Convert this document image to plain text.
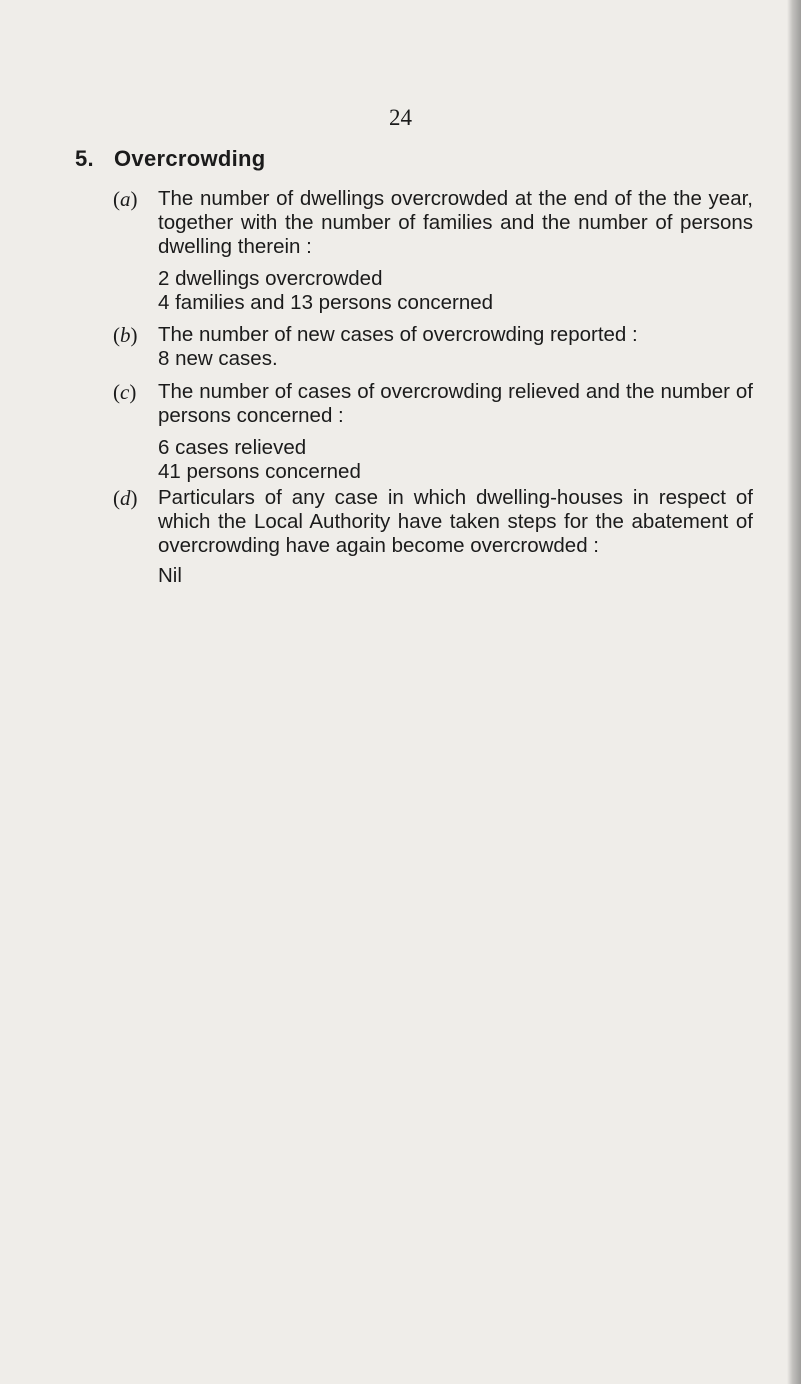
24
5. Overcrowding
(a) The number of dwellings overcrowded at the end of the the year, together with the number of families and the number of persons dwelling therein :
2 dwellings overcrowded
4 families and 13 persons concerned
(b) The number of new cases of overcrowding reported :
8 new cases.
(c) The number of cases of overcrowding relieved and the number of persons concerned :
6 cases relieved
41 persons concerned
(d) Particulars of any case in which dwelling-houses in respect of which the Local Authority have taken steps for the abatement of overcrowding have again become overcrowded :
Nil
